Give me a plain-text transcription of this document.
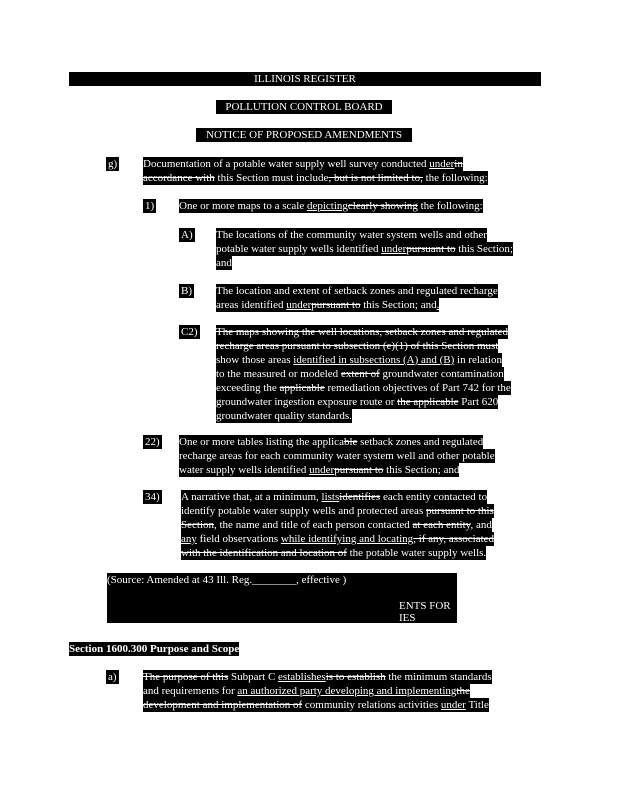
ILLINOIS REGISTER
POLLUTION CONTROL BOARD
NOTICE OF PROPOSED AMENDMENTS
g) Documentation of a potable water supply well survey conducted underin
accordance with this Section must include, but is not limited to, the following:
1) One or more maps to a scale depictingclearly showing the following:
A) The locations of the community water system wells and other
potable water supply wells identified underpursuant to this Section;
and
B) The location and extent of setback zones and regulated recharge
areas identified underpursuant to this Section; and.
C2) The maps showing the well locations, setback zones and regulated
recharge areas pursuant to subsection (e)(1) of this Section must
show those areas identified in subsections (A) and (B) in relation
to the measured or modeled extent of groundwater contamination
exceeding the applicable remediation objectives of Part 742 for the
groundwater ingestion exposure route or the applicable Part 620
groundwater quality standards.
22) One or more tables listing the applicable setback zones and regulated
recharge areas for each community water system well and other potable
water supply wells identified underpursuant to this Section; and
34) A narrative that, at a minimum, listsidentifies each entity contacted to
identify potable water supply wells and protected areas pursuant to this
Section, the name and title of each person contacted at each entity, and
any field observations while identifying and locating, if any, associated
with the identification and location of the potable water supply wells.
(Source: Amended at 43 Ill. Reg.________, effective )
ENTS FOR
IES
Section 1600.300 Purpose and Scope
a) The purpose of this Subpart C establishesis to establish the minimum standards
and requirements for an authorized party developing and implementingthe
development and implementation of community relations activities under Title
